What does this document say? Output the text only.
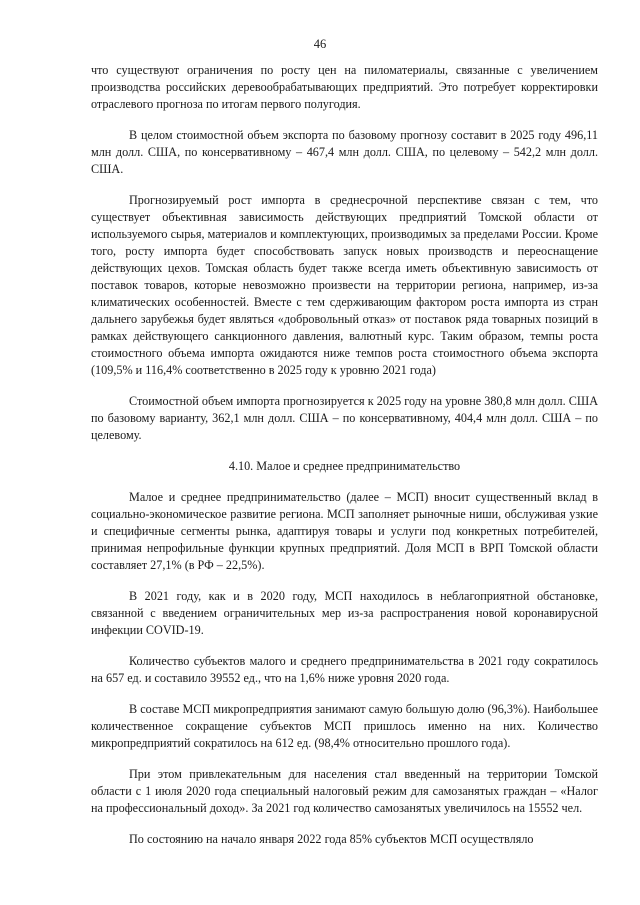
46

что существуют ограничения по росту цен на пиломатериалы, связанные с увеличением производства российских деревообрабатывающих предприятий. Это потребует корректировки отраслевого прогноза по итогам первого полугодия.

В целом стоимостной объем экспорта по базовому прогнозу составит в 2025 году 496,11 млн долл. США, по консервативному – 467,4 млн долл. США, по целевому – 542,2 млн долл. США.

Прогнозируемый рост импорта в среднесрочной перспективе связан с тем, что существует объективная зависимость действующих предприятий Томской области от используемого сырья, материалов и комплектующих, производимых за пределами России. Кроме того, росту импорта будет способствовать запуск новых производств и переоснащение действующих цехов. Томская область будет также всегда иметь объективную зависимость от поставок товаров, которые невозможно произвести на территории региона, например, из-за климатических особенностей. Вместе с тем сдерживающим фактором роста импорта из стран дальнего зарубежья будет являться «добровольный отказ» от поставок ряда товарных позиций в рамках действующего санкционного давления, валютный курс. Таким образом, темпы роста стоимостного объема импорта ожидаются ниже темпов роста стоимостного объема экспорта (109,5% и 116,4% соответственно в 2025 году к уровню 2021 года)

Стоимостной объем импорта прогнозируется к 2025 году на уровне 380,8 млн долл. США по базовому варианту, 362,1 млн долл. США – по консервативному, 404,4 млн долл. США – по целевому.

4.10. Малое и среднее предпринимательство

Малое и среднее предпринимательство (далее – МСП) вносит существенный вклад в социально-экономическое развитие региона. МСП заполняет рыночные ниши, обслуживая узкие и специфичные сегменты рынка, адаптируя товары и услуги под конкретных потребителей, принимая непрофильные функции крупных предприятий. Доля МСП в ВРП Томской области составляет 27,1% (в РФ – 22,5%).

В 2021 году, как и в 2020 году, МСП находилось в неблагоприятной обстановке, связанной с введением ограничительных мер из-за распространения новой коронавирусной инфекции COVID-19.

Количество субъектов малого и среднего предпринимательства в 2021 году сократилось на 657 ед. и составило 39552 ед., что на 1,6% ниже уровня 2020 года.

В составе МСП микропредприятия занимают самую большую долю (96,3%). Наибольшее количественное сокращение субъектов МСП пришлось именно на них. Количество микропредприятий сократилось на 612 ед. (98,4% относительно прошлого года).

При этом привлекательным для населения стал введенный на территории Томской области с 1 июля 2020 года специальный налоговый режим для самозанятых граждан – «Налог на профессиональный доход». За 2021 год количество самозанятых увеличилось на 15552 чел.

По состоянию на начало января 2022 года 85% субъектов МСП осуществляло
